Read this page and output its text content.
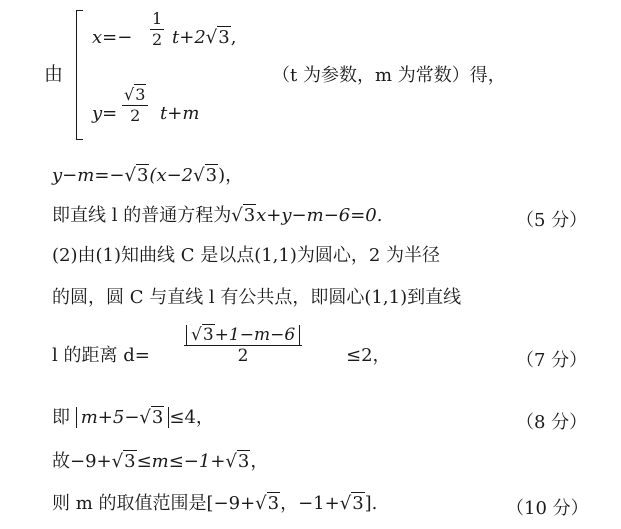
由
x=−
1
2 t+2√3,
（t 为参数，m 为常数）得，
y=
√3
2	t+m
y−m=−√3(x−2√3)，
即直线 l 的普通方程为√3x+y−m−6=0.	（5 分）
(2)由(1)知曲线 C 是以点(1,1)为圆心，2 为半径
的圆，圆 C 与直线 l 有公共点，即圆心(1,1)到直线
l 的距离 d=
√3+1−m−6
2	≤2，	（7 分）
即 m+5−√3 ≤4，	（8 分）
故−9+√3≤m≤−1+√3，
则 m 的取值范围是[−9+√3，−1+√3].	（10 分）
